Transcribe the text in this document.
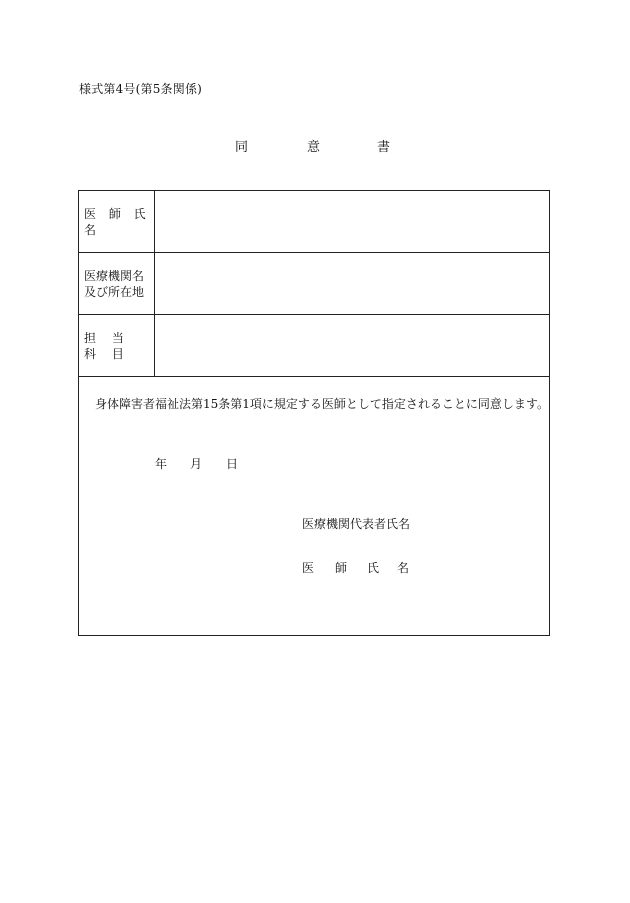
様式第4号(第5条関係)
同	意	書
医 師 氏 名
医療機関名
及び所在地
担 当 科 目
身体障害者福祉法第15条第1項に規定する医師として指定されることに同意します。
年 月 日
医療機関代表者氏名
医 師 氏 名
